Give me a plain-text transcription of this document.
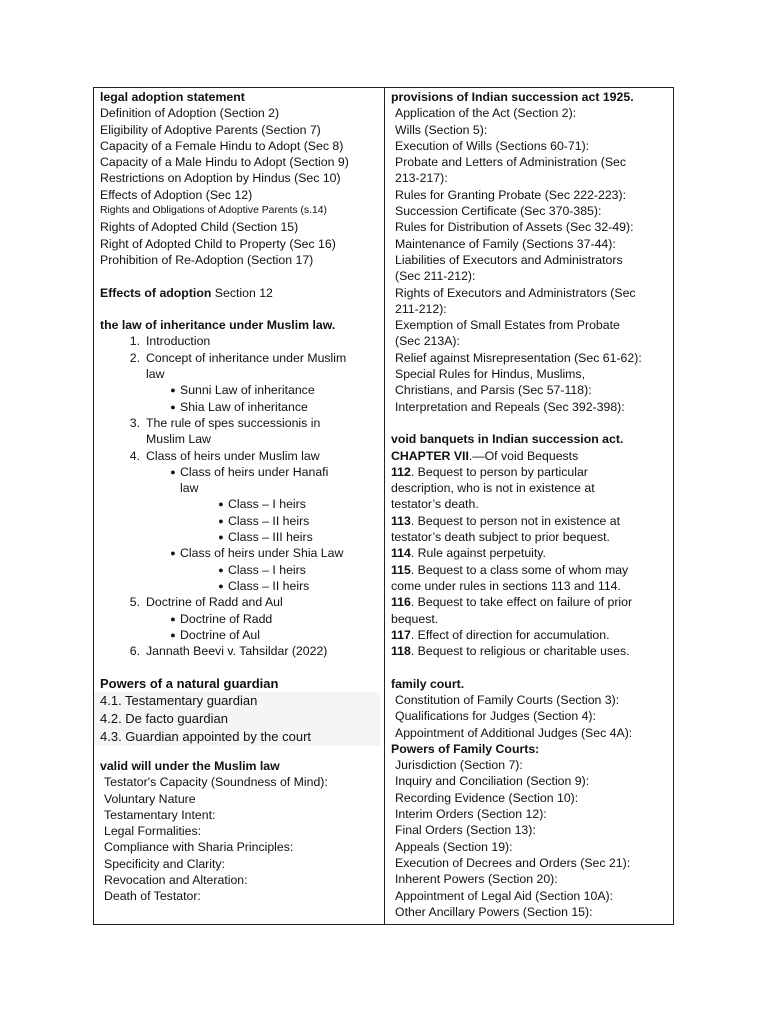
legal adoption statement
Definition of Adoption (Section 2)
Eligibility of Adoptive Parents (Section 7)
Capacity of a Female Hindu to Adopt (Sec 8)
Capacity of a Male Hindu to Adopt (Section 9)
Restrictions on Adoption by Hindus (Sec 10)
Effects of Adoption (Sec 12)
Rights and Obligations of Adoptive Parents (s.14)
Rights of Adopted Child (Section 15)
Right of Adopted Child to Property (Sec 16)
Prohibition of Re-Adoption (Section 17)
Effects of adoption Section 12
the law of inheritance under Muslim law.
1. Introduction
2. Concept of inheritance under Muslim
law
● Sunni Law of inheritance
● Shia Law of inheritance
3. The rule of spes successionis in
Muslim Law
4. Class of heirs under Muslim law
● Class of heirs under Hanafi
law
● Class – I heirs
● Class – II heirs
● Class – III heirs
● Class of heirs under Shia Law
● Class – I heirs
● Class – II heirs
5. Doctrine of Radd and Aul
● Doctrine of Radd
● Doctrine of Aul
6. Jannath Beevi v. Tahsildar (2022)
Powers of a natural guardian
4.1. Testamentary guardian
4.2. De facto guardian
4.3. Guardian appointed by the court
valid will under the Muslim law
Testator's Capacity (Soundness of Mind):
Voluntary Nature
Testamentary Intent:
Legal Formalities:
Compliance with Sharia Principles:
Specificity and Clarity:
Revocation and Alteration:
Death of Testator:
provisions of Indian succession act 1925.
Application of the Act (Section 2):
Wills (Section 5):
Execution of Wills (Sections 60-71):
Probate and Letters of Administration (Sec
213-217):
Rules for Granting Probate (Sec 222-223):
Succession Certificate (Sec 370-385):
Rules for Distribution of Assets (Sec 32-49):
Maintenance of Family (Sections 37-44):
Liabilities of Executors and Administrators
(Sec 211-212):
Rights of Executors and Administrators (Sec
211-212):
Exemption of Small Estates from Probate
(Sec 213A):
Relief against Misrepresentation (Sec 61-62):
Special Rules for Hindus, Muslims,
Christians, and Parsis (Sec 57-118):
Interpretation and Repeals (Sec 392-398):
void banquets in Indian succession act.
CHAPTER VII.—Of void Bequests
112. Bequest to person by particular
description, who is not in existence at
testator’s death.
113. Bequest to person not in existence at
testator’s death subject to prior bequest.
114. Rule against perpetuity.
115. Bequest to a class some of whom may
come under rules in sections 113 and 114.
116. Bequest to take effect on failure of prior
bequest.
117. Effect of direction for accumulation.
118. Bequest to religious or charitable uses.
family court.
Constitution of Family Courts (Section 3):
Qualifications for Judges (Section 4):
Appointment of Additional Judges (Sec 4A):
Powers of Family Courts:
Jurisdiction (Section 7):
Inquiry and Conciliation (Section 9):
Recording Evidence (Section 10):
Interim Orders (Section 12):
Final Orders (Section 13):
Appeals (Section 19):
Execution of Decrees and Orders (Sec 21):
Inherent Powers (Section 20):
Appointment of Legal Aid (Section 10A):
Other Ancillary Powers (Section 15):
